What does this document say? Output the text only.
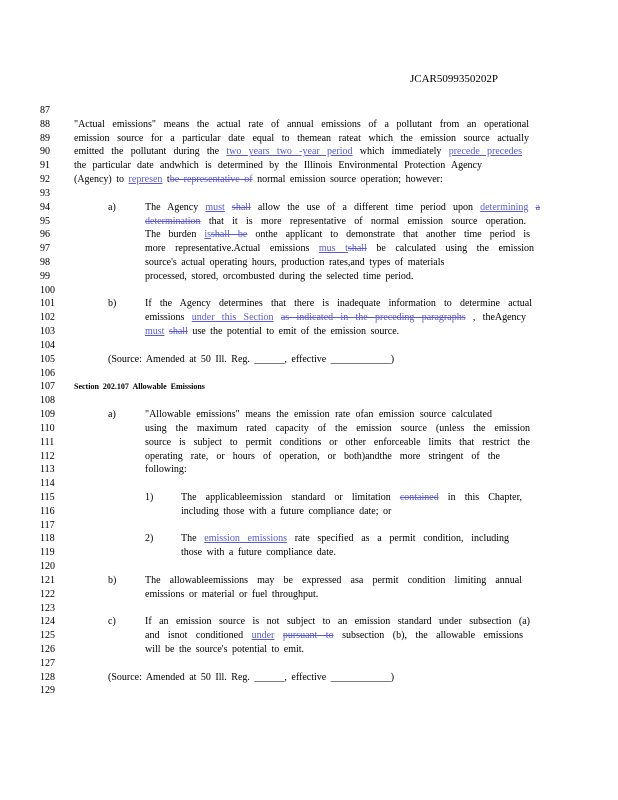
JCAR5099350202P
87
88	"Actual emissions" means the actual rate of annual emissions of a pollutant from an operational
89	emission source for a particular date equal to themean rateat which the emission source actually
90	emitted the pollutant during the two years two -year period which immediately precede precedes
91	the particular date andwhich is determined by the Illinois Environmental Protection Agency
92	(Agency) to represen tbe representative of normal emission source operation; however:
93
94	a)	The Agency must shall allow the use of a different time period upon determining a
95	determination that it is more representative of normal emission source operation.
96	The burden isshall be onthe applicant to demonstrate that another time period is
97	more representative.Actual emissions mus tshall be calculated using the emission
98	source's actual operating hours, production rates,and types of materials
99	processed, stored, orcombusted during the selected time period.
100
101	b)	If the Agency determines that there is inadequate information to determine actual
102	emissions under this Section as indicated in the preceding paragraphs , theAgency
103	must shall use the potential to emit of the emission source.
104
105	(Source: Amended at 50 Ill. Reg. ______, effective ____________)
106
107	Section 202.107 Allowable Emissions
108
109	a)	"Allowable emissions" means the emission rate ofan emission source calculated
110	using the maximum rated capacity of the emission source (unless the emission
111	source is subject to permit conditions or other enforceable limits that restrict the
112	operating rate, or hours of operation, or both)andthe more stringent of the
113	following:
114
115	1)	The applicableemission standard or limitation contained in this Chapter,
116	including those with a future compliance date; or
117
118	2)	The emission emissions rate specified as a permit condition, including
119	those with a future compliance date.
120
121	b)	The allowableemissions may be expressed asa permit condition limiting annual
122	emissions or material or fuel throughput.
123
124	c)	If an emission source is not subject to an emission standard under subsection (a)
125	and isnot conditioned under pursuant to subsection (b), the allowable emissions
126	will be the source's potential to emit.
127
128	(Source: Amended at 50 Ill. Reg. ______, effective ____________)
129
